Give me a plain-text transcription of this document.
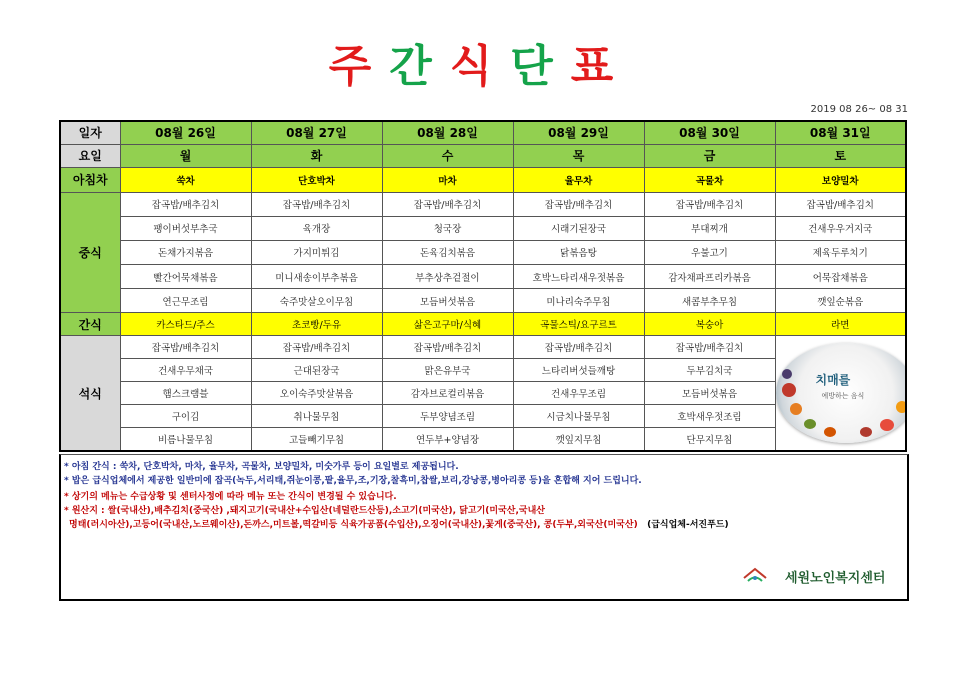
주간식단표
2019 08 26~ 08 31
일자	08월 26일	08월 27일	08월 28일	08월 29일	08월 30일	08월 31일
요일	월	화	수	목	금	토
아침차	쑥차	단호박차	마차	율무차	곡물차	보양밀차
중식	잡곡밥/배추김치	잡곡밥/배추김치	잡곡밥/배추김치	잡곡밥/배추김치	잡곡밥/배추김치	잡곡밥/배추김치
	팽이버섯부추국	육개장	청국장	시래기된장국	부대찌개	건새우우거지국
	돈채가지볶음	가지미튀김	돈육김치볶음	닭볶음탕	우불고기	제육두루치기
	빨간어묵채볶음	미니새송이부추볶음	부추상추겉절이	호박느타리새우젓볶음	감자채파프리카볶음	어묵잡채볶음
	연근무조림	숙주맛살오이무침	모듬버섯볶음	미나리숙주무침	새콤부추무침	깻잎순볶음
간식	카스타드/주스	초코빵/두유	삶은고구마/식혜	곡물스틱/요구르트	복숭아	라면
석식	잡곡밥/배추김치	잡곡밥/배추김치	잡곡밥/배추김치	잡곡밥/배추김치	잡곡밥/배추김치	치매를
예방하는 음식

	건새우무채국	근대된장국	맑은유부국	느타리버섯들깨탕	두부김치국	
	햄스크램블	오이숙주맛살볶음	감자브로컬리볶음	건새우무조림	모듬버섯볶음	
	구이김	취나물무침	두부양념조림	시금치나물무침	호박새우젓조림	
	비름나물무침	고들빼기무침	연두부+양념장	깻잎지무침	단무지무침	
* 아침 간식 : 쑥차, 단호박차, 마차, 율무차, 곡물차, 보양밀차, 미숫가루 등이 요일별로 제공됩니다.
* 밥은 급식업체에서 제공한 일반미에 잡곡(녹두,서리태,쥐눈이콩,팥,율무,조,기장,찰흑미,찹쌀,보리,강낭콩,병아리콩 등)을 혼합해 지어 드립니다.
* 상기의 메뉴는 수급상황 및 센터사정에 따라 메뉴 또는 간식이 변경될 수 있습니다.
* 원산지 : 쌀(국내산),배추김치(중국산) ,돼지고기(국내산+수입산(네덜란드산등),소고기(미국산), 닭고기(미국산,국내산
명태(러시아산),고등어(국내산,노르웨이산),돈까스,미트볼,떡갈비등 식육가공품(수입산),오징어(국내산),꽃게(중국산), 콩(두부,외국산(미국산) (급식업체-서진푸드)
세원노인복지센터
